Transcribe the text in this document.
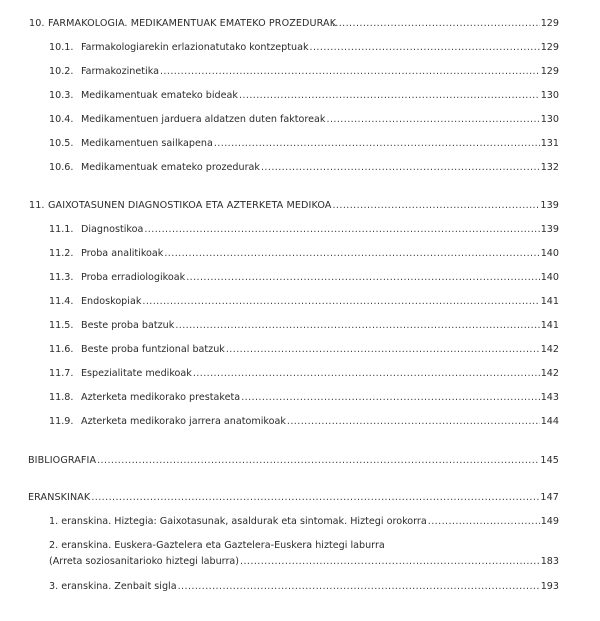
10. FARMAKOLOGIA. MEDIKAMENTUAK EMATEKO PROZEDURAK .....	129
10.1. Farmakologiarekin erlazionatutako kontzeptuak .....	129
10.2. Farmakozinetika .....	129
10.3. Medikamentuak emateko bideak .....	130
10.4. Medikamentuen jarduera aldatzen duten faktoreak .....	130
10.5. Medikamentuen sailkapena .....	131
10.6. Medikamentuak emateko prozedurak .....	132
11. GAIXOTASUNEN DIAGNOSTIKOA ETA AZTERKETA MEDIKOA .....	139
11.1. Diagnostikoa .....	139
11.2. Proba analitikoak .....	140
11.3. Proba erradiologikoak .....	140
11.4. Endoskopiak .....	141
11.5. Beste proba batzuk .....	141
11.6. Beste proba funtzional batzuk .....	142
11.7. Espezialitate medikoak .....	142
11.8. Azterketa medikorako prestaketa .....	143
11.9. Azterketa medikorako jarrera anatomikoak .....	144
BIBLIOGRAFIA .....	145
ERANSKINAK .....	147
1. eranskina. Hiztegia: Gaixotasunak, asaldurak eta sintomak. Hiztegi orokorra .....	149
2. eranskina. Euskera-Gaztelera eta Gaztelera-Euskera hiztegi laburra
(Arreta soziosanitarioko hiztegi laburra) .....	183
3. eranskina. Zenbait sigla .....	193
